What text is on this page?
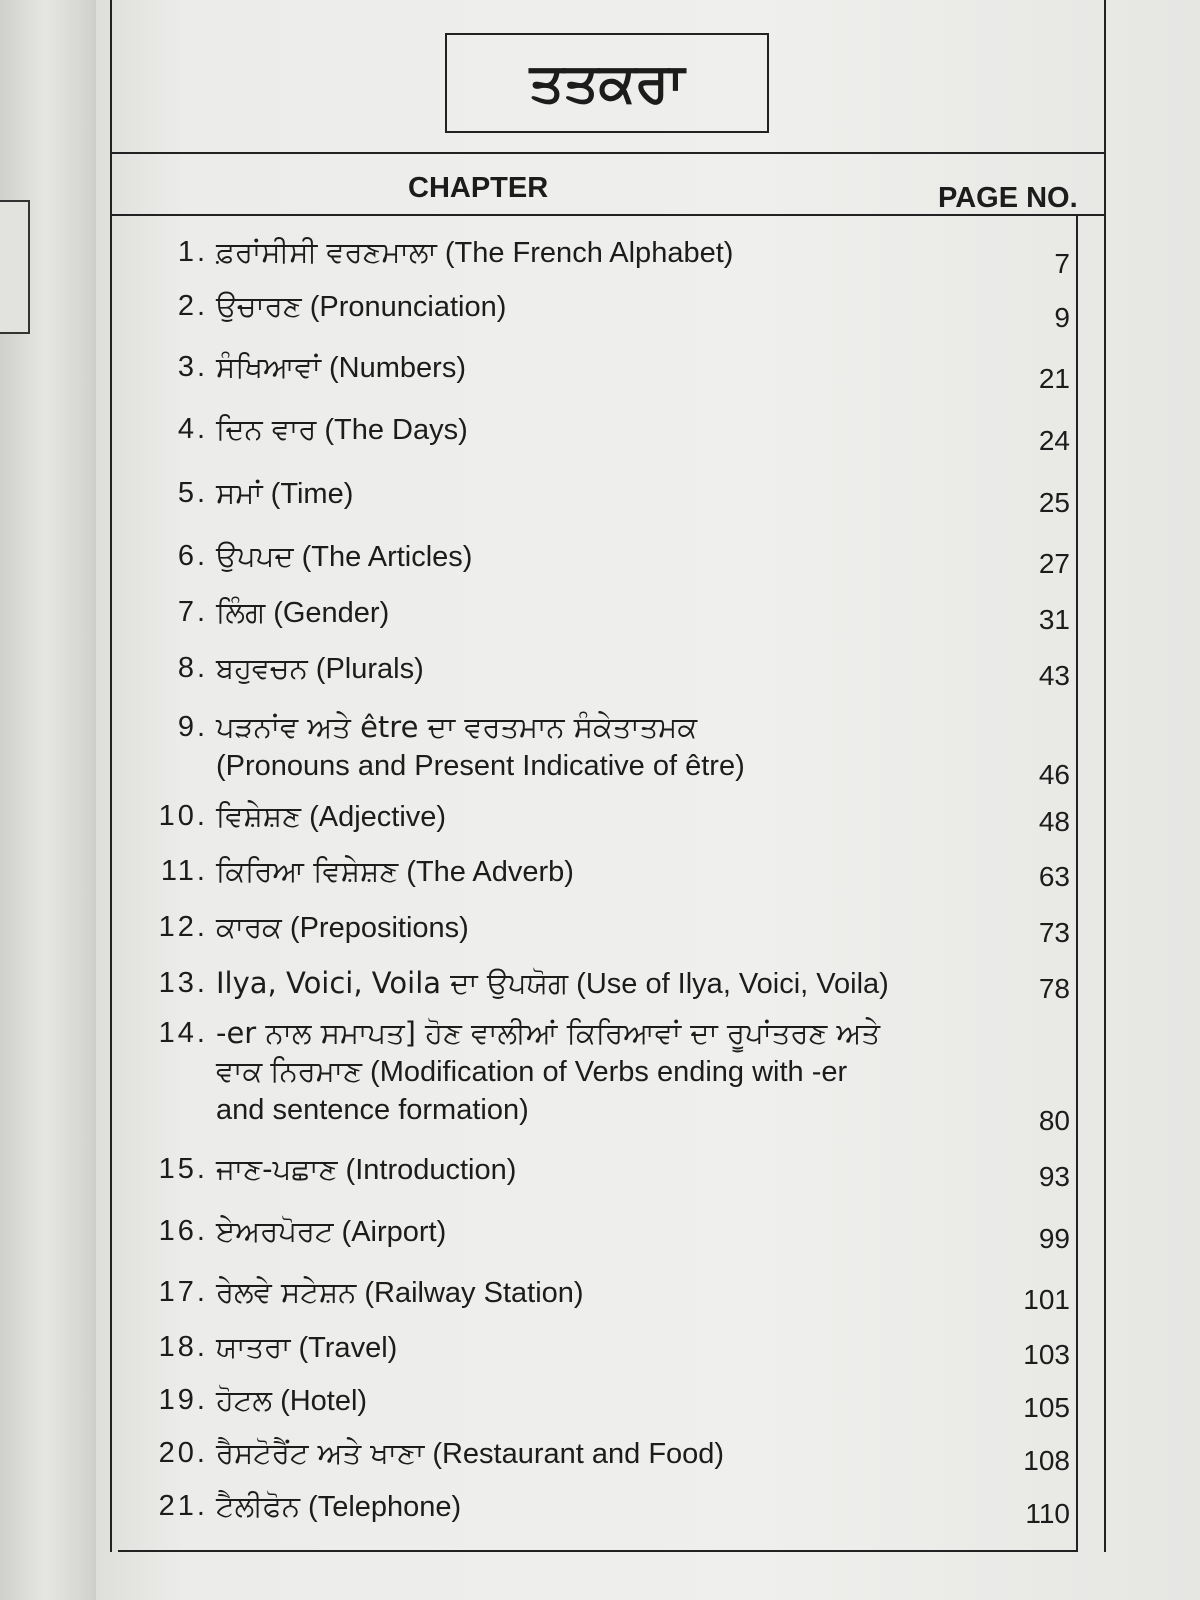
ਤਤਕਰਾ
CHAPTER	PAGE NO.
1. ਫ਼ਰਾਂਸੀਸੀ ਵਰਣਮਾਲਾ (The French Alphabet)	7
2. ਉਚਾਰਣ (Pronunciation)	9
3. ਸੰਖਿਆਵਾਂ (Numbers)	21
4. ਦਿਨ ਵਾਰ (The Days)	24
5. ਸਮਾਂ (Time)	25
6. ਉਪਪਦ (The Articles)	27
7. ਲਿੰਗ (Gender)	31
8. ਬਹੁਵਚਨ (Plurals)	43
9. ਪੜਨਾਂਵ ਅਤੇ être ਦਾ ਵਰਤਮਾਨ ਸੰਕੇਤਾਤਮਕ
(Pronouns and Present Indicative of être)	46
10. ਵਿਸ਼ੇਸ਼ਣ (Adjective)	48
11. ਕਿਰਿਆ ਵਿਸ਼ੇਸ਼ਣ (The Adverb)	63
12. ਕਾਰਕ (Prepositions)	73
13. Ilya, Voici, Voila ਦਾ ਉਪਯੋਗ (Use of Ilya, Voici, Voila)	78
14. -er ਨਾਲ ਸਮਾਪਤ] ਹੋਣ ਵਾਲੀਆਂ ਕਿਰਿਆਵਾਂ ਦਾ ਰੂਪਾਂਤਰਣ ਅਤੇ
ਵਾਕ ਨਿਰਮਾਣ (Modification of Verbs ending with -er
and sentence formation)	80
15. ਜਾਣ-ਪਛਾਣ (Introduction)	93
16. ਏਅਰਪੋਰਟ (Airport)	99
17. ਰੇਲਵੇ ਸਟੇਸ਼ਨ (Railway Station)	101
18. ਯਾਤਰਾ (Travel)	103
19. ਹੋਟਲ (Hotel)	105
20. ਰੈਸਟੋਰੈਂਟ ਅਤੇ ਖਾਣਾ (Restaurant and Food)	108
21. ਟੈਲੀਫੋਨ (Telephone)	110
